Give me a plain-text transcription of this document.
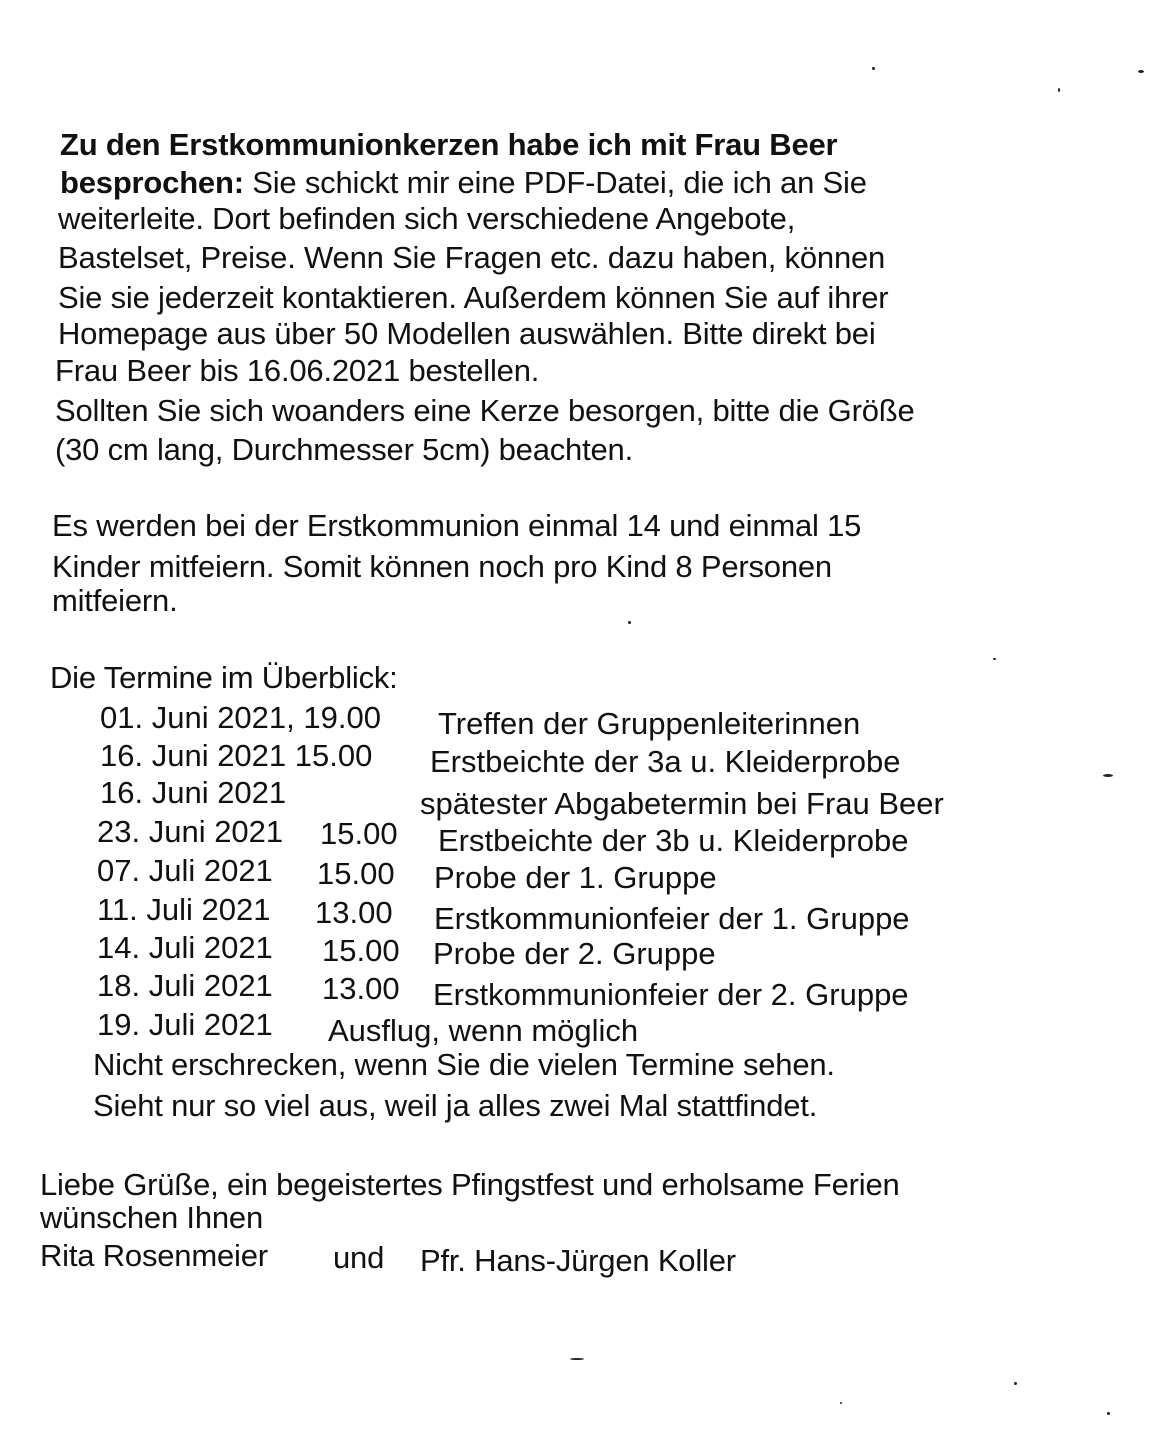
Zu den Erstkommunionkerzen habe ich mit Frau Beer
besprochen: Sie schickt mir eine PDF-Datei, die ich an Sie
weiterleite. Dort befinden sich verschiedene Angebote,
Bastelset, Preise. Wenn Sie Fragen etc. dazu haben, können
Sie sie jederzeit kontaktieren. Außerdem können Sie auf ihrer
Homepage aus über 50 Modellen auswählen. Bitte direkt bei
Frau Beer bis 16.06.2021 bestellen.
Sollten Sie sich woanders eine Kerze besorgen, bitte die Größe
(30 cm lang, Durchmesser 5cm) beachten.
Es werden bei der Erstkommunion einmal 14 und einmal 15
Kinder mitfeiern. Somit können noch pro Kind 8 Personen
mitfeiern.
Die Termine im Überblick:
01. Juni 2021, 19.00 Treffen der Gruppenleiterinnen
16. Juni 2021 15.00 Erstbeichte der 3a u. Kleiderprobe
16. Juni 2021	spätester Abgabetermin bei Frau Beer
23. Juni 2021 15.00 Erstbeichte der 3b u. Kleiderprobe
07. Juli 2021 15.00 Probe der 1. Gruppe
11. Juli 2021 13.00 Erstkommunionfeier der 1. Gruppe
14. Juli 2021 15.00 Probe der 2. Gruppe
18. Juli 2021 13.00 Erstkommunionfeier der 2. Gruppe
19. Juli 2021 Ausflug, wenn möglich
Nicht erschrecken, wenn Sie die vielen Termine sehen.
Sieht nur so viel aus, weil ja alles zwei Mal stattfindet.
Liebe Grüße, ein begeistertes Pfingstfest und erholsame Ferien
wünschen Ihnen
Rita Rosenmeier und Pfr. Hans-Jürgen Koller
